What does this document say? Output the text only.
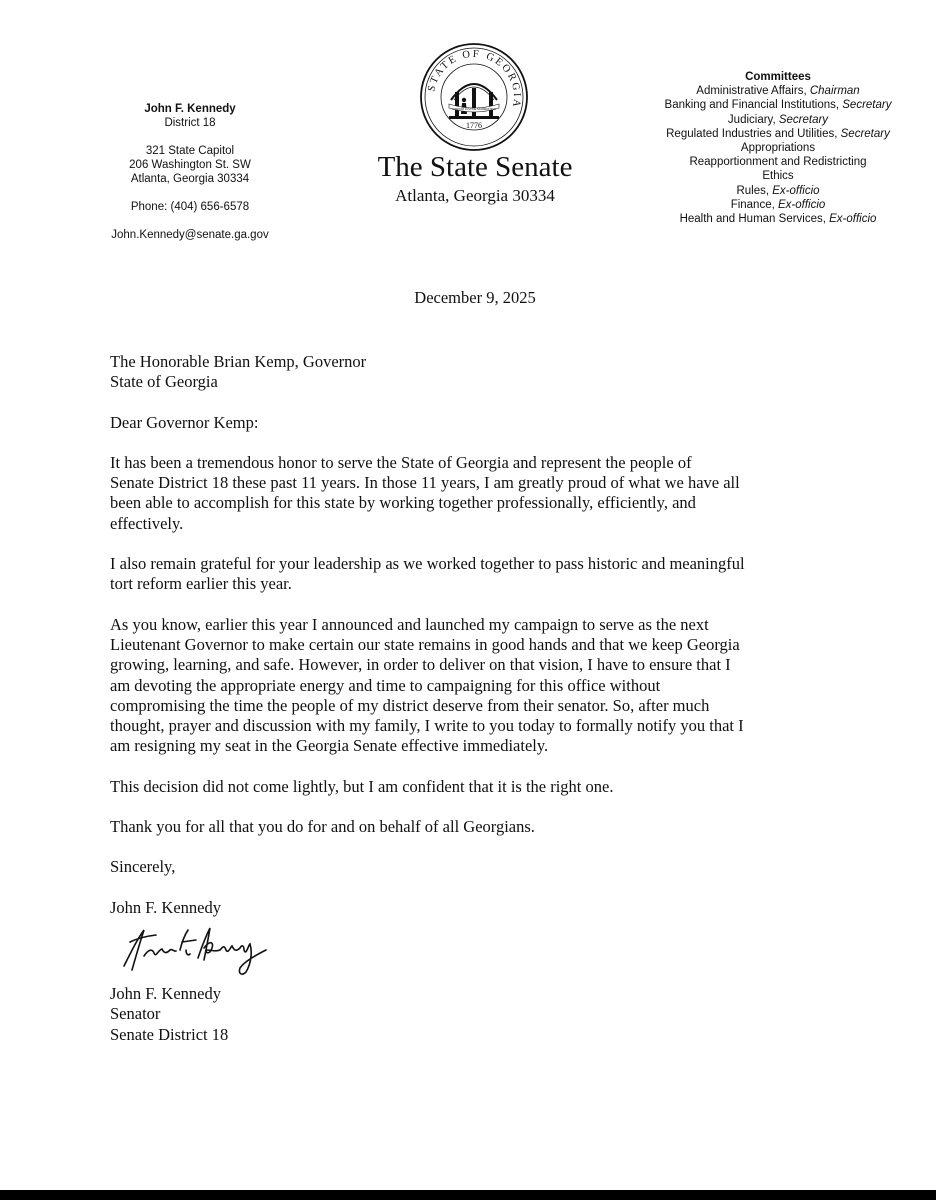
John F. Kennedy
District 18
321 State Capitol
206 Washington St. SW
Atlanta, Georgia 30334
Phone: (404) 656-6578
John.Kennedy@senate.ga.gov
STATE OF GEORGIA
WISDOM JUSTICE MODERATION
1776
The State Senate
Atlanta, Georgia 30334
Committees
Administrative Affairs, Chairman
Banking and Financial Institutions, Secretary
Judiciary, Secretary
Regulated Industries and Utilities, Secretary
Appropriations
Reapportionment and Redistricting
Ethics
Rules, Ex-officio
Finance, Ex-officio
Health and Human Services, Ex-officio
December 9, 2025

The Honorable Brian Kemp, Governor

State of Georgia

Dear Governor Kemp:

It has been a tremendous honor to serve the State of Georgia and represent the people of

Senate District 18 these past 11 years. In those 11 years, I am greatly proud of what we have all

been able to accomplish for this state by working together professionally, efficiently, and

effectively.

I also remain grateful for your leadership as we worked together to pass historic and meaningful

tort reform earlier this year.

As you know, earlier this year I announced and launched my campaign to serve as the next

Lieutenant Governor to make certain our state remains in good hands and that we keep Georgia

growing, learning, and safe. However, in order to deliver on that vision, I have to ensure that I

am devoting the appropriate energy and time to campaigning for this office without

compromising the time the people of my district deserve from their senator. So, after much

thought, prayer and discussion with my family, I write to you today to formally notify you that I

am resigning my seat in the Georgia Senate effective immediately.

This decision did not come lightly, but I am confident that it is the right one.

Thank you for all that you do for and on behalf of all Georgians.

Sincerely,

John F. Kennedy

John F. Kennedy

Senator

Senate District 18
